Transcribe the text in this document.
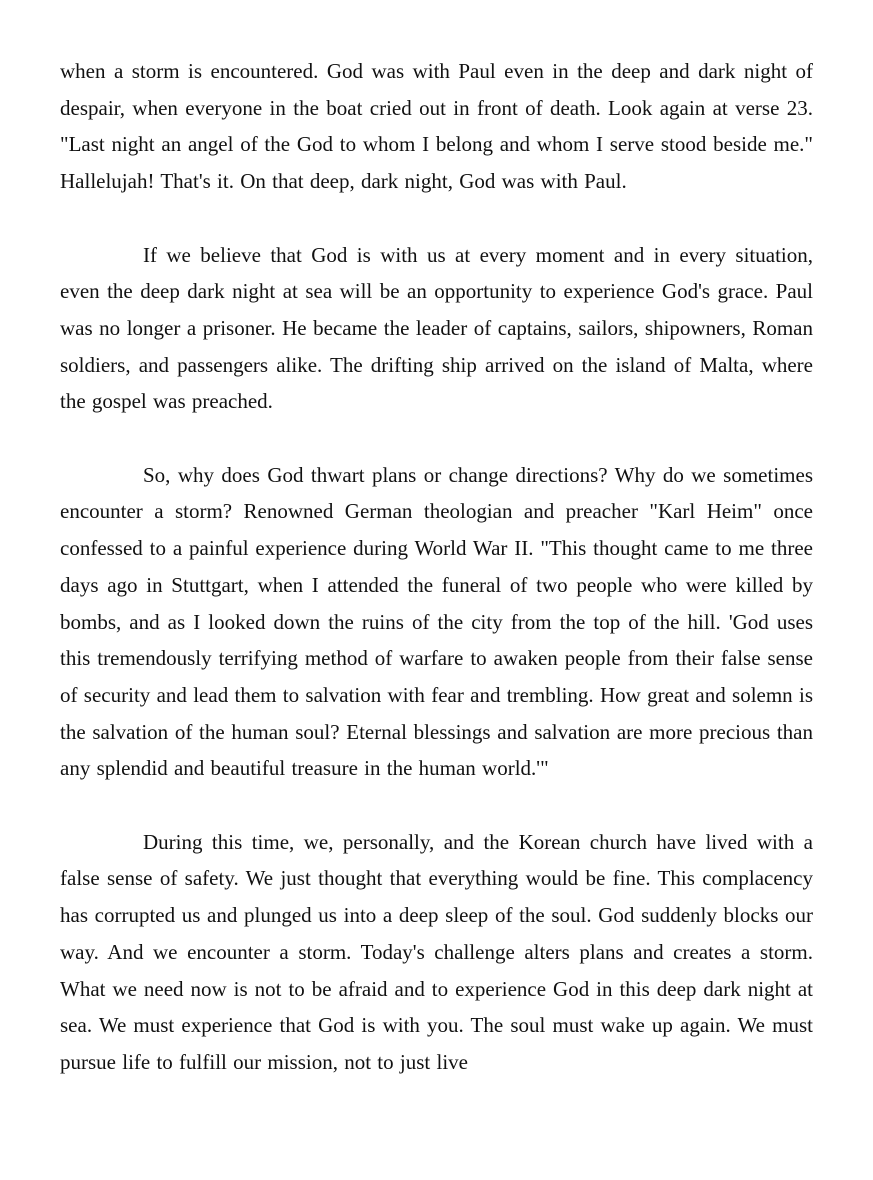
when a storm is encountered. God was with Paul even in the deep and dark night of despair, when everyone in the boat cried out in front of death. Look again at verse 23. "Last night an angel of the God to whom I belong and whom I serve stood beside me." Hallelujah! That's it. On that deep, dark night, God was with Paul.

If we believe that God is with us at every moment and in every situation, even the deep dark night at sea will be an opportunity to experience God's grace. Paul was no longer a prisoner. He became the leader of captains, sailors, shipowners, Roman soldiers, and passengers alike. The drifting ship arrived on the island of Malta, where the gospel was preached.

So, why does God thwart plans or change directions? Why do we sometimes encounter a storm? Renowned German theologian and preacher "Karl Heim" once confessed to a painful experience during World War II. "This thought came to me three days ago in Stuttgart, when I attended the funeral of two people who were killed by bombs, and as I looked down the ruins of the city from the top of the hill. 'God uses this tremendously terrifying method of warfare to awaken people from their false sense of security and lead them to salvation with fear and trembling. How great and solemn is the salvation of the human soul? Eternal blessings and salvation are more precious than any splendid and beautiful treasure in the human world.'"

During this time, we, personally, and the Korean church have lived with a false sense of safety. We just thought that everything would be fine. This complacency has corrupted us and plunged us into a deep sleep of the soul. God suddenly blocks our way. And we encounter a storm. Today's challenge alters plans and creates a storm. What we need now is not to be afraid and to experience God in this deep dark night at sea. We must experience that God is with you. The soul must wake up again. We must pursue life to fulfill our mission, not to just live
